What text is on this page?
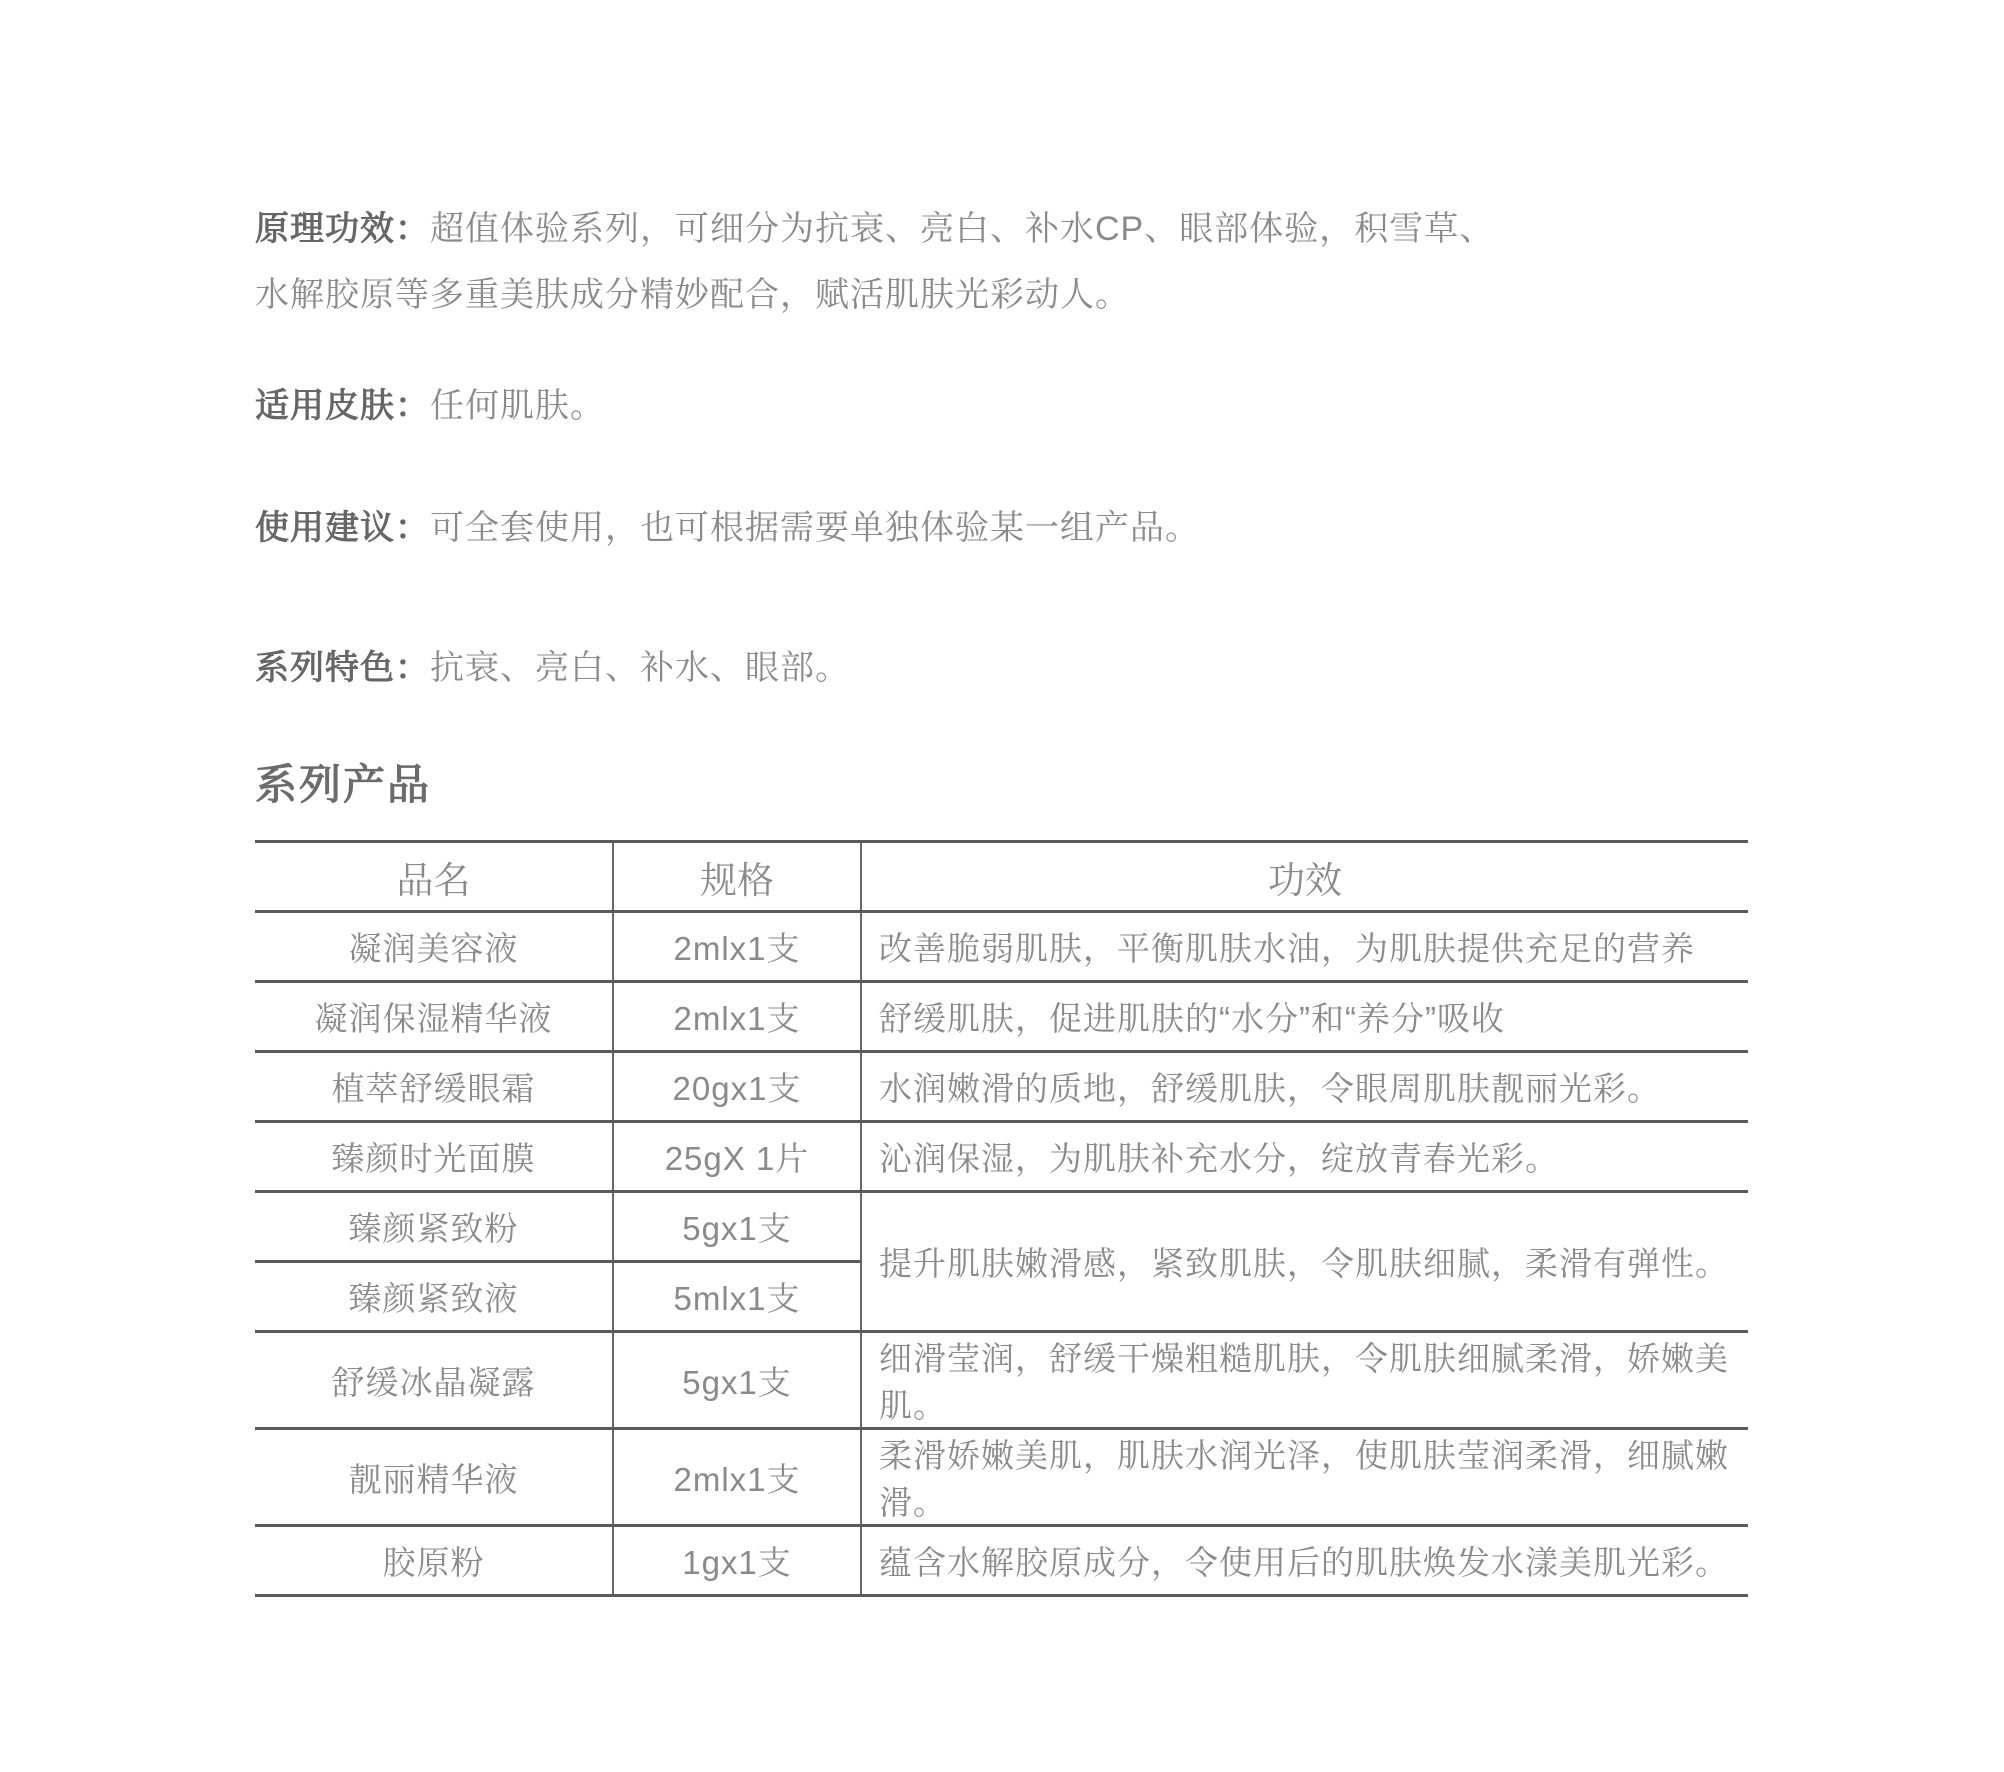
原理功效：超值体验系列，可细分为抗衰、亮白、补水CP、眼部体验，积雪草、
水解胶原等多重美肤成分精妙配合，赋活肌肤光彩动人。

适用皮肤：任何肌肤。

使用建议：可全套使用，也可根据需要单独体验某一组产品。

系列特色：抗衰、亮白、补水、眼部。

系列产品
品名	规格	功效
凝润美容液	2mlx1支	改善脆弱肌肤，平衡肌肤水油，为肌肤提供充足的营养
凝润保湿精华液	2mlx1支	舒缓肌肤，促进肌肤的“水分”和“养分”吸收
植萃舒缓眼霜	20gx1支	水润嫩滑的质地，舒缓肌肤，令眼周肌肤靓丽光彩。
臻颜时光面膜	25gX 1片	沁润保湿，为肌肤补充水分，绽放青春光彩。
臻颜紧致粉	5gx1支	提升肌肤嫩滑感，紧致肌肤，令肌肤细腻，柔滑有弹性。
臻颜紧致液	5mlx1支	
舒缓冰晶凝露	5gx1支	细滑莹润，舒缓干燥粗糙肌肤，令肌肤细腻柔滑，娇嫩美肌。
靓丽精华液	2mlx1支	柔滑娇嫩美肌，肌肤水润光泽，使肌肤莹润柔滑，细腻嫩滑。
胶原粉	1gx1支	蕴含水解胶原成分，令使用后的肌肤焕发水漾美肌光彩。
